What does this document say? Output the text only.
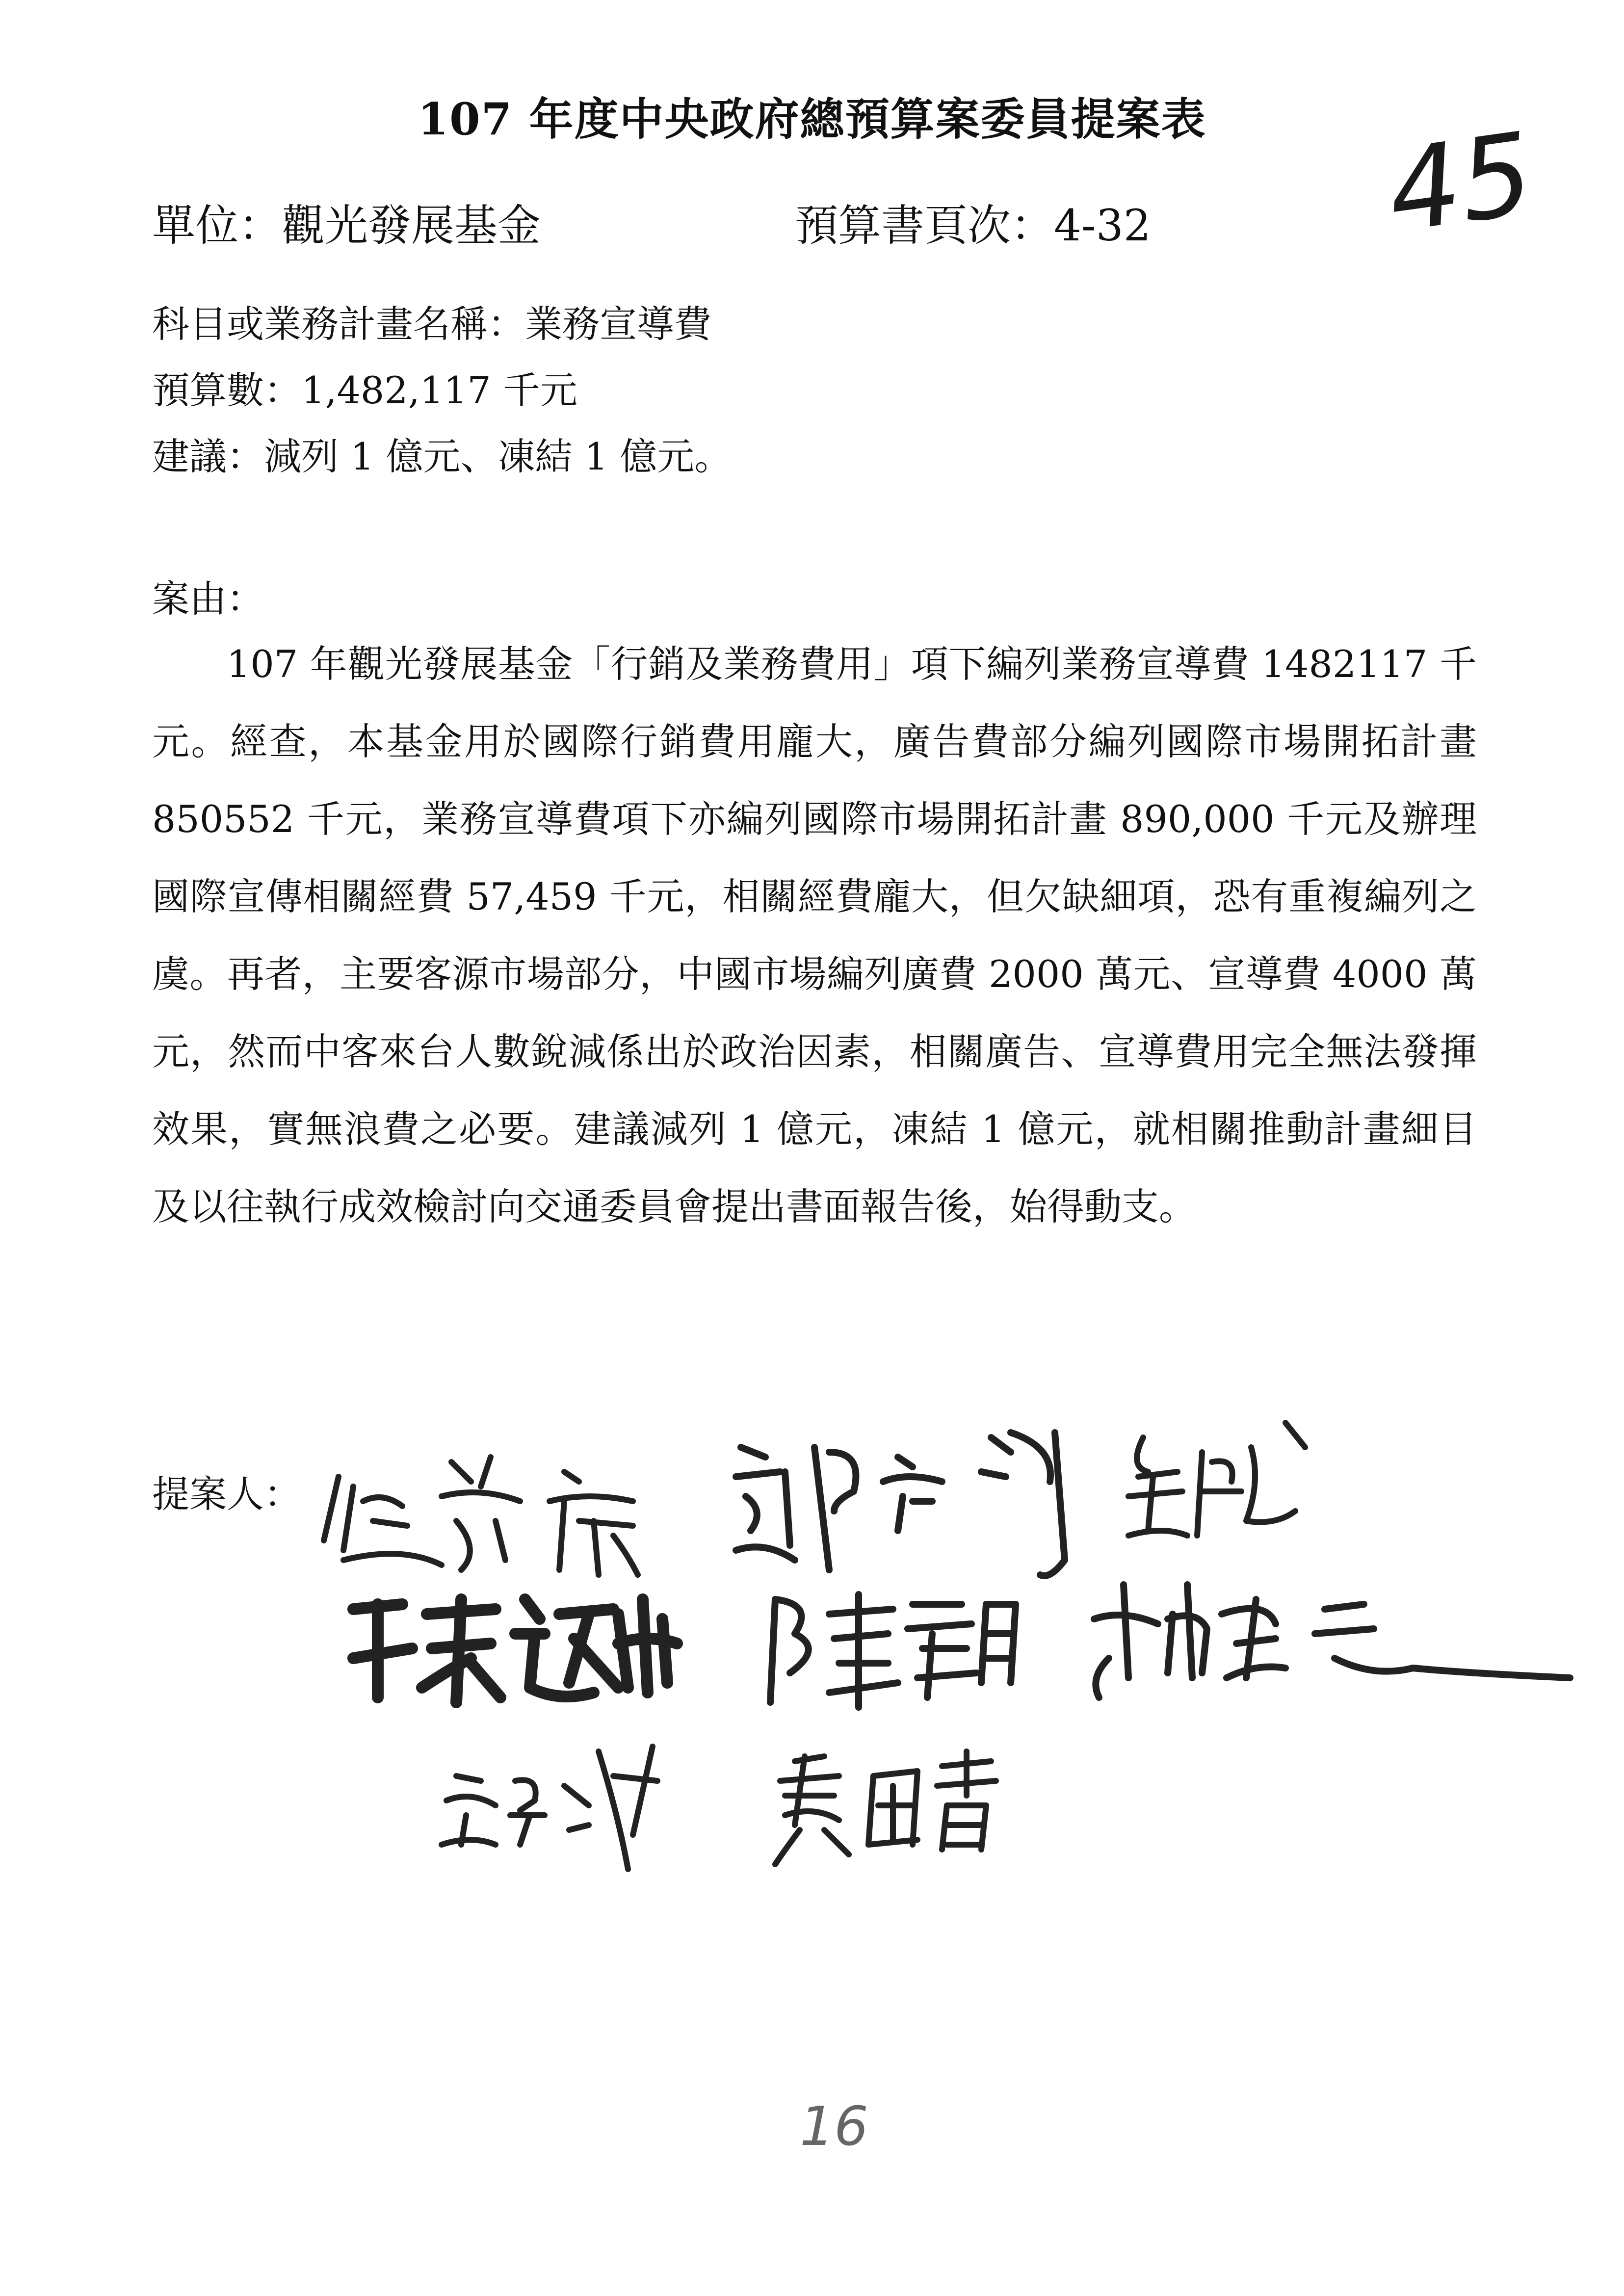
107 年度中央政府總預算案委員提案表	45
單位：觀光發展基金	預算書頁次：4-32
科目或業務計畫名稱：業務宣導費
預算數：1,482,117 千元
建議：減列 1 億元、凍結 1 億元。
案由：

107 年觀光發展基金「行銷及業務費用」項下編列業務宣導費 1482117 千元。經查，本基金用於國際行銷費用龐大，廣告費部分編列國際市場開拓計畫 850552 千元，業務宣導費項下亦編列國際市場開拓計畫 890,000 千元及辦理國際宣傳相關經費 57,459 千元，相關經費龐大，但欠缺細項，恐有重複編列之虞。再者，主要客源市場部分，中國市場編列廣費 2000 萬元、宣導費 4000 萬元，然而中客來台人數銳減係出於政治因素，相關廣告、宣導費用完全無法發揮效果，實無浪費之必要。建議減列 1 億元，凍結 1 億元，就相關推動計畫細目及以往執行成效檢討向交通委員會提出書面報告後，始得動支。

提案人：
16
